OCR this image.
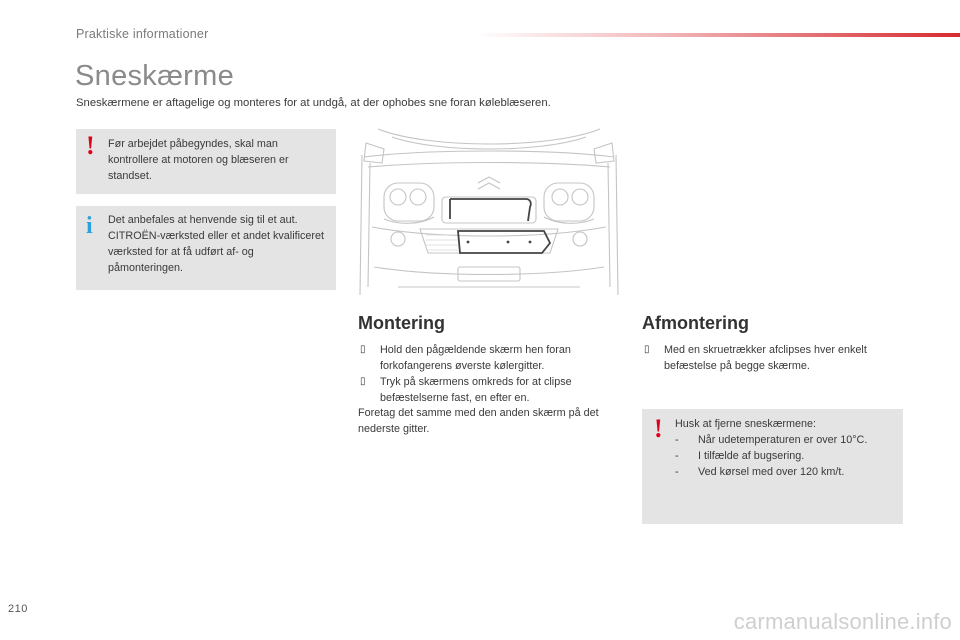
Praktiske informationer
Sneskærme

Sneskærmene er aftagelige og monteres for at undgå, at der ophobes sne foran køleblæseren.

! Før arbejdet påbegyndes, skal man kontrollere at motoren og blæseren er standset.

i Det anbefales at henvende sig til et aut. CITROËN-værksted eller et andet kvalificeret værksted for at få udført af- og påmonteringen.

Montering
▯ Hold den pågældende skærm hen foran forkofangerens øverste kølergitter.
▯ Tryk på skærmens omkreds for at clipse befæstelserne fast, en efter en.

Foretag det samme med den anden skærm på det nederste gitter.

Afmontering
▯ Med en skruetrækker afclipses hver enkelt befæstelse på begge skærme.
! Husk at fjerne sneskærmene:

- Når udetemperaturen er over 10°C.
- I tilfælde af bugsering.
- Ved kørsel med over 120 km/t.
210	carmanualsonline.info
